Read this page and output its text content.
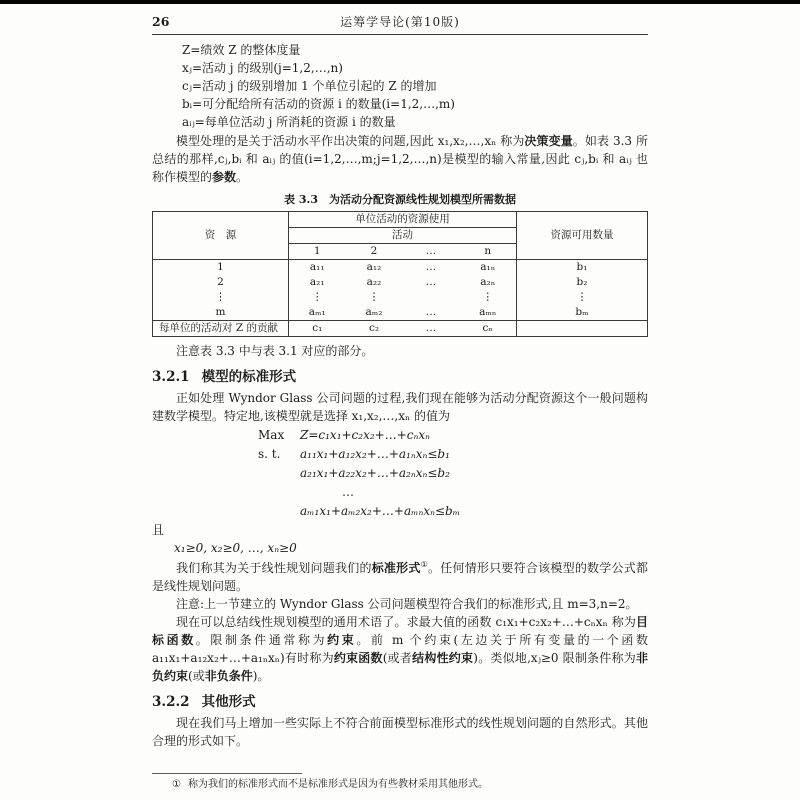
26	运筹学导论(第10版)
Z=绩效 Z 的整体度量
xⱼ=活动 j 的级别(j=1,2,…,n)
cⱼ=活动 j 的级别增加 1 个单位引起的 Z 的增加
bᵢ=可分配给所有活动的资源 i 的数量(i=1,2,…,m)
aᵢⱼ=每单位活动 j 所消耗的资源 i 的数量

模型处理的是关于活动水平作出决策的问题,因此 x₁,x₂,…,xₙ 称为决策变量。如表 3.3 所总结的那样,cⱼ,bᵢ 和 aᵢⱼ 的值(i=1,2,…,m;j=1,2,…,n)是模型的输入常量,因此 cⱼ,bᵢ 和 aᵢⱼ 也称作模型的参数。

表 3.3　为活动分配资源线性规划模型所需数据
资　源	单位活动的资源使用				资源可用数量
	活动				
	1	2	…	n	
1	a₁₁	a₁₂	…	a₁ₙ	b₁
2	a₂₁	a₂₂	…	a₂ₙ	b₂
⋮	⋮	⋮		⋮	⋮
m	aₘ₁	aₘ₂	…	aₘₙ	bₘ
每单位的活动对 Z 的贡献	c₁	c₂	…	cₙ	

注意表 3.3 中与表 3.1 对应的部分。

3.2.1 模型的标准形式

正如处理 Wyndor Glass 公司问题的过程,我们现在能够为活动分配资源这个一般问题构建数学模型。特定地,该模型就是选择 x₁,x₂,…,xₙ 的值为

Max	Z=c₁x₁+c₂x₂+…+cₙxₙ
s. t.	a₁₁x₁+a₁₂x₂+…+a₁ₙxₙ≤b₁
a₂₁x₁+a₂₂x₂+…+a₂ₙxₙ≤b₂
…
aₘ₁x₁+aₘ₂x₂+…+aₘₙxₙ≤bₘ

且

x₁≥0, x₂≥0, …, xₙ≥0

我们称其为关于线性规划问题我们的标准形式①。任何情形只要符合该模型的数学公式都是线性规划问题。

注意:上一节建立的 Wyndor Glass 公司问题模型符合我们的标准形式,且 m=3,n=2。

现在可以总结线性规划模型的通用术语了。求最大值的函数 c₁x₁+c₂x₂+…+cₙxₙ 称为目标函数。限制条件通常称为约束。前 m 个约束(左边关于所有变量的一个函数 a₁₁x₁+a₁₂x₂+…+a₁ₙxₙ)有时称为约束函数(或者结构性约束)。类似地,xⱼ≥0 限制条件称为非负约束(或非负条件)。

3.2.2 其他形式

现在我们马上增加一些实际上不符合前面模型标准形式的线性规划问题的自然形式。其他合理的形式如下。

① 称为我们的标准形式而不是标准形式是因为有些教材采用其他形式。
